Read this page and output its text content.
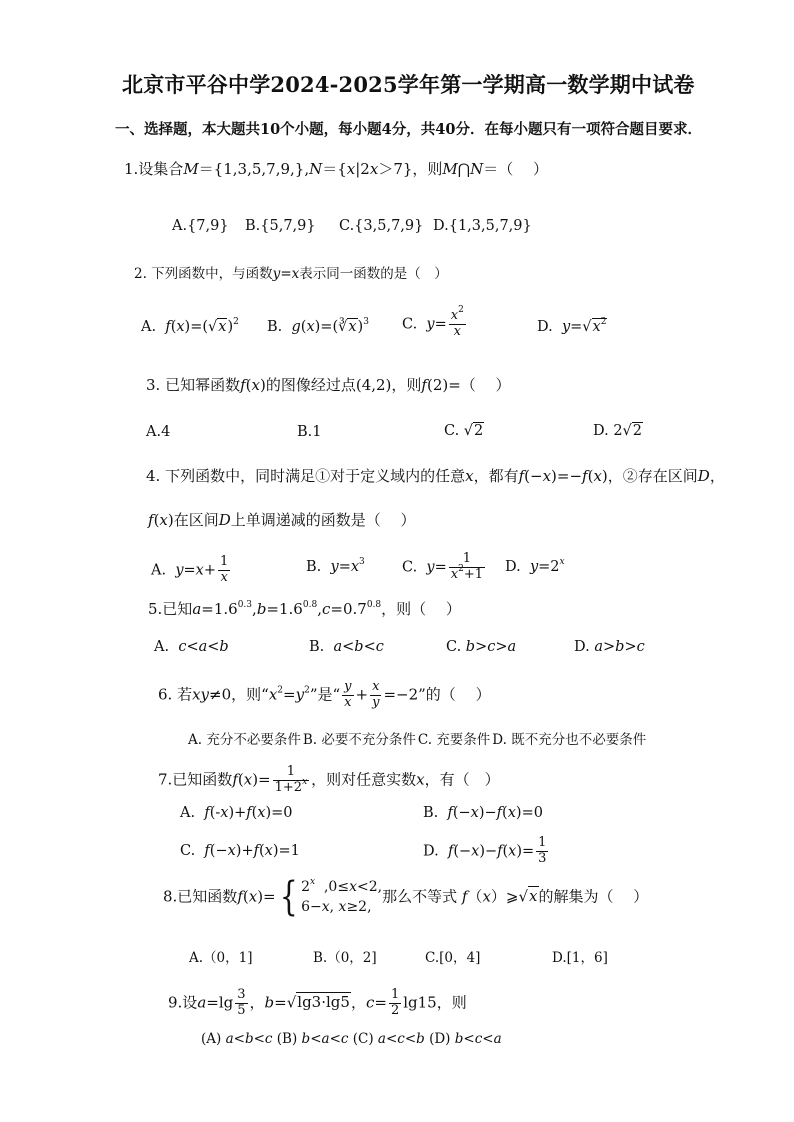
北京市平谷中学2024-2025学年第一学期高一数学期中试卷
一、选择题，本大题共10个小题，每小题4分，共40分．在每小题只有一项符合题目要求．
1.设集合M＝{1,3,5,7,9,},N＝{x|2x＞7}，则M⋂N＝（　 ）
A.{7,9} B.{5,7,9} C.{3,5,7,9} D.{1,3,5,7,9}
2. 下列函数中，与函数y=x表示同一函数的是（　）
A.  $f(x)=(√x)^2$ B.  g(x)=(∛x)$^3$ C.  $y= \frac{x^2}{x}$	D.  $y=√x^2$
3. 已知幂函数f(x)的图像经过点(4,2)，则f(2)=（　 ）
A.4	B.1	C. √2	D. 2√2
4. 下列函数中，同时满足①对于定义域内的任意x，都有f(−x)=−f(x)，②存在区间D，
f(x)在区间D上单调递减的函数是（　 ）
A.  $y=x+ \frac{1}{x}$	B.  $y=x^3$	C.  $y= \frac{1}{x^2+1} D$.  $y=2^x$
5.已知$a=1.6^{0.3},b=1.6^{0.8},c=0.7^{0.8}$，则（　 ）
A.  c<a<b	B.  a<b<c	C. b>c>a	D. a>b>c
6. 若xy≠0，则“$x^2=y^2$”是“ $\frac{y}{x} + \frac{x}{y} =-2$”的（　 ）
A. 充分不必要条件 B. 必要不充分条件 C. 充要条件 D. 既不充分也不必要条件
7.已知函数$f(x)= \frac{1}{1+2^x}$ ，则对任意实数x，有（　）
A.  f(-x)+f(x)=0	B.  f(−x)−f(x)=0
C.  f(−x)+f(x)=1	D.  $f(-x)-f(x)= \frac{1}{3}$
8.已知函数f(x)={ 2$^x$  ,0≤x<2,
6−x, x≥2,那么不等式 f（x）⩾√x的解集为（　 ）
A.（0，1]	B.（0，2]	C.[0，4]	D.[1，6]
9.设$a=\lg \frac{3}{5}$ ，b=√lg3·lg5，$c= \frac{1}{2} \lg 15$，则
(A) a<b<c (B) b<a<c (C) a<c<b (D) b<c<a
